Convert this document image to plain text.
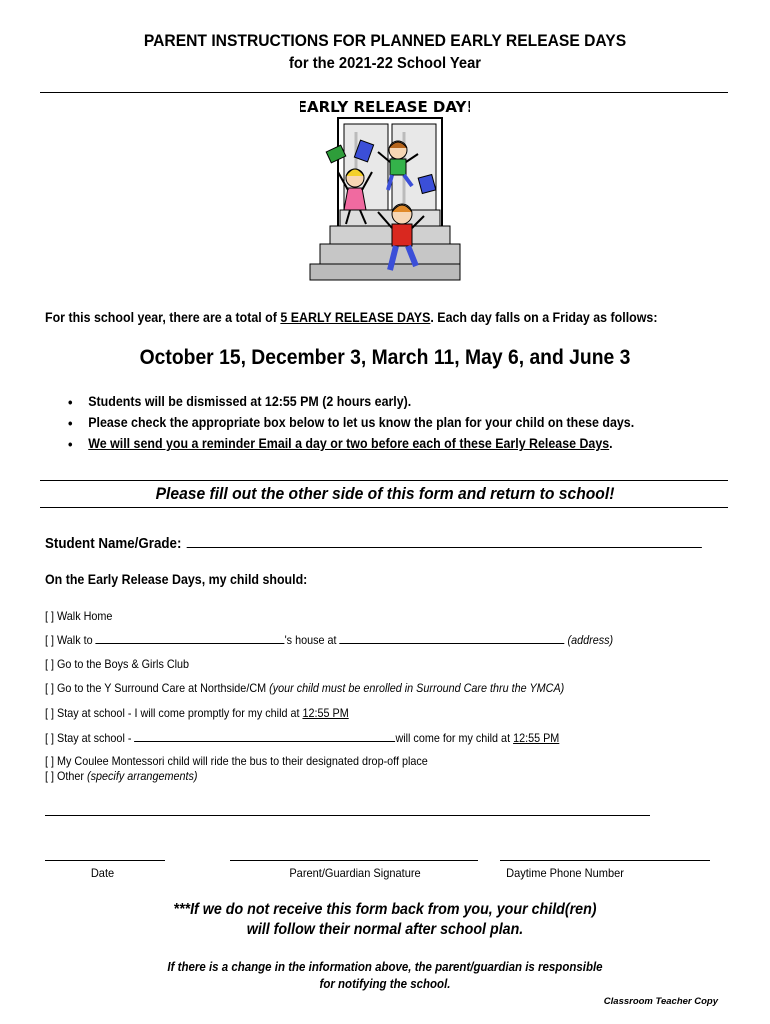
PARENT INSTRUCTIONS FOR PLANNED EARLY RELEASE DAYS
for the 2021-22 School Year
EARLY RELEASE DAY!
For this school year, there are a total of 5 EARLY RELEASE DAYS. Each day falls on a Friday as follows:
October 15, December 3, March 11, May 6, and June 3
• Students will be dismissed at 12:55 PM (2 hours early).
• Please check the appropriate box below to let us know the plan for your child on these days.
• We will send you a reminder Email a day or two before each of these Early Release Days.
Please fill out the other side of this form and return to school!
Student Name/Grade:
On the Early Release Days, my child should:
[ ] Walk Home
[ ] Walk to	's house at	(address)
[ ] Go to the Boys & Girls Club
[ ] Go to the Y Surround Care at Northside/CM (your child must be enrolled in Surround Care thru the YMCA)
[ ] Stay at school - I will come promptly for my child at 12:55 PM
[ ] Stay at school -	will come for my child at 12:55 PM
[ ] My Coulee Montessori child will ride the bus to their designated drop-off place
[ ] Other (specify arrangements)
Date	Parent/Guardian Signature	Daytime Phone Number
***If we do not receive this form back from you, your child(ren)
will follow their normal after school plan.
If there is a change in the information above, the parent/guardian is responsible
for notifying the school.
Classroom Teacher Copy
